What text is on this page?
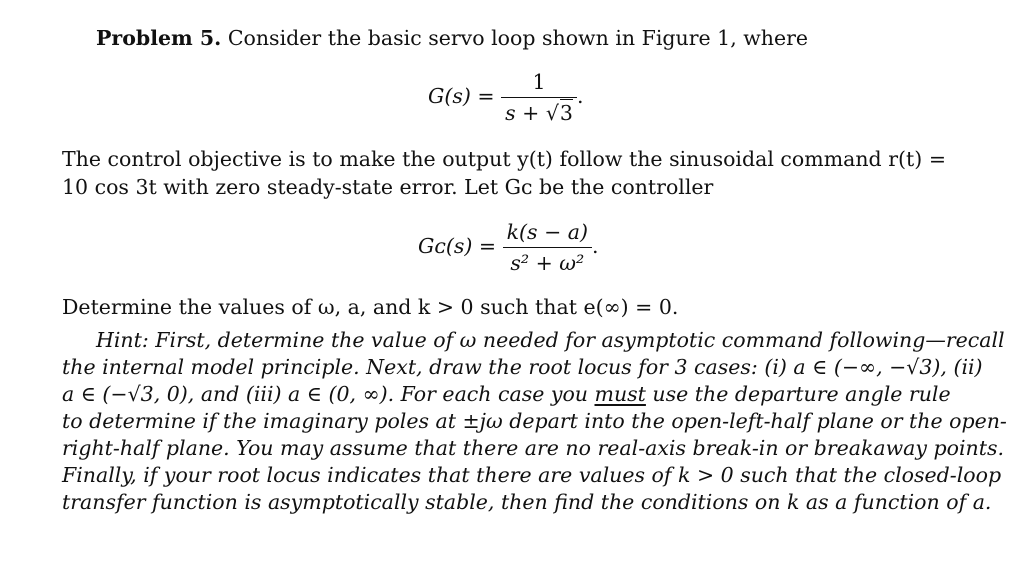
Problem 5. Consider the basic servo loop shown in Figure 1, where
$G(s) = \frac{1}{s + √3}$ .
The control objective is to make the output y(t) follow the sinusoidal command r(t) =
10 cos 3t with zero steady-state error. Let Gᴄ be the controller
Gᴄ(s) = $\frac{k(s - a)}{\text{s² + ω²}}$ .
Determine the values of ω, a, and k > 0 such that e(∞) = 0.
Hint: First, determine the value of ω needed for asymptotic command following—recall
the internal model principle. Next, draw the root locus for 3 cases: (i) a ∈ (−∞, −√3), (ii)
a ∈ (−√3, 0), and (iii) a ∈ (0, ∞). For each case you must use the departure angle rule
to determine if the imaginary poles at ±jω depart into the open-left-half plane or the open-
right-half plane. You may assume that there are no real-axis break-in or breakaway points.
Finally, if your root locus indicates that there are values of k > 0 such that the closed-loop
transfer function is asymptotically stable, then find the conditions on k as a function of a.
